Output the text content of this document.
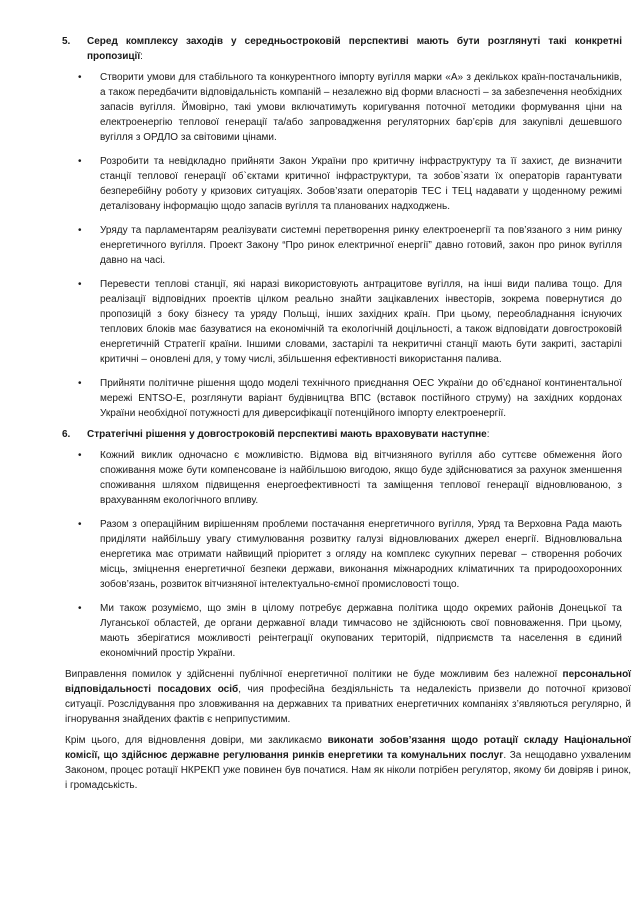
5.	Серед комплексу заходів у середньостроковій перспективі мають бути розглянуті такі конкретні пропозиції:
•	Створити умови для стабільного та конкурентного імпорту вугілля марки «А» з декількох країн-постачальників, а також передбачити відповідальність компаній – незалежно від форми власності – за забезпечення необхідних запасів вугілля. Ймовірно, такі умови включатимуть коригування поточної методики формування ціни на електроенергію теплової генерації та/або запровадження регуляторних бар’єрів для закупівлі дешевшого вугілля з ОРДЛО за світовими цінами.
•	Розробити та невідкладно прийняти Закон України про критичну інфраструктуру та її захист, де визначити станції теплової генерації об`єктами критичної інфраструктури, та зобов`язати їх операторів гарантувати безперебійну роботу у кризових ситуаціях. Зобов’язати операторів ТЕС і ТЕЦ надавати у щоденному режимі деталізовану інформацію щодо запасів вугілля та планованих надходжень.
•	Уряду та парламентарям реалізувати системні перетворення ринку електроенергії та пов’язаного з ним ринку енергетичного вугілля. Проект Закону “Про ринок електричної енергії” давно готовий, закон про ринок вугілля давно на часі.
•	Перевести теплові станції, які наразі використовують антрацитове вугілля, на інші види палива тощо. Для реалізації відповідних проектів цілком реально знайти зацікавлених інвесторів, зокрема повернутися до пропозицій з боку бізнесу та уряду Польщі, інших західних країн. При цьому, переобладнання існуючих теплових блоків має базуватися на економічній та екологічній доцільності, а також відповідати довгостроковій енергетичній Стратегії країни. Іншими словами, застарілі та некритичні станції мають бути закриті, застарілі критичні – оновлені для, у тому числі, збільшення ефективності використання палива.
•	Прийняти політичне рішення щодо моделі технічного приєднання ОЕС України до об’єднаної континентальної мережі ENTSO-E, розглянути варіант будівництва ВПС (вставок постійного струму) на західних кордонах України необхідної потужності для диверсифікації потенційного імпорту електроенергії.
6.	Стратегічні рішення у довгостроковій перспективі мають враховувати наступне:
•	Кожний виклик одночасно є можливістю. Відмова від вітчизняного вугілля або суттєве обмеження його споживання може бути компенсоване із найбільшою вигодою, якщо буде здійснюватися за рахунок зменшення споживання шляхом підвищення енергоефективності та заміщення теплової генерації відновлюваною, з врахуванням екологічного впливу.
•	Разом з операційним вирішенням проблеми постачання енергетичного вугілля, Уряд та Верховна Рада мають приділяти найбільшу увагу стимулювання розвитку галузі відновлюваних джерел енергії. Відновлювальна енергетика має отримати найвищий пріоритет з огляду на комплекс сукупних переваг – створення робочих місць, зміцнення енергетичної безпеки держави, виконання міжнародних кліматичних та природоохоронних зобов’язань, розвиток вітчизняної інтелектуально-ємної промисловості тощо.
•	Ми також розуміємо, що змін в цілому потребує державна політика щодо окремих районів Донецької та Луганської областей, де органи державної влади тимчасово не здійснюють свої повноваження. При цьому, мають зберігатися можливості реінтеграції окупованих територій, підприємств та населення в єдиний економічний простір України.

Виправлення помилок у здійсненні публічної енергетичної політики не буде можливим без належної персональної відповідальності посадових осіб, чия професійна бездіяльність та недалекість призвели до поточної кризової ситуації. Розслідування про зловживання на державних та приватних енергетичних компаніях з’являються регулярно, й ігнорування знайдених фактів є неприпустимим.

Крім цього, для відновлення довіри, ми закликаємо виконати зобов’язання щодо ротації складу Національної комісії, що здійснює державне регулювання ринків енергетики та комунальних послуг. За нещодавно ухваленим Законом, процес ротації НКРЕКП уже повинен був початися. Нам як ніколи потрібен регулятор, якому би довіряв і ринок, і громадськість.
